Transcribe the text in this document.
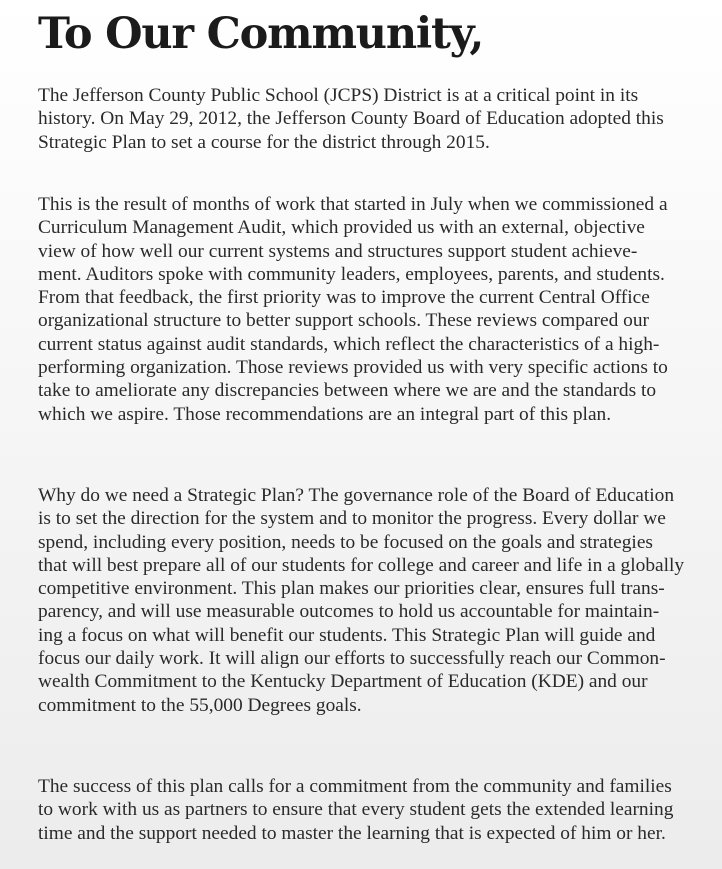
To Our Community,

The Jefferson County Public School (JCPS) District is at a critical point in its
history. On May 29, 2012, the Jefferson County Board of Education adopted this
Strategic Plan to set a course for the district through 2015.

This is the result of months of work that started in July when we commissioned a
Curriculum Management Audit, which provided us with an external, objective
view of how well our current systems and structures support student achieve-
ment. Auditors spoke with community leaders, employees, parents, and students.
From that feedback, the first priority was to improve the current Central Office
organizational structure to better support schools. These reviews compared our
current status against audit standards, which reflect the characteristics of a high-
performing organization. Those reviews provided us with very specific actions to
take to ameliorate any discrepancies between where we are and the standards to
which we aspire. Those recommendations are an integral part of this plan.

Why do we need a Strategic Plan? The governance role of the Board of Education
is to set the direction for the system and to monitor the progress. Every dollar we
spend, including every position, needs to be focused on the goals and strategies
that will best prepare all of our students for college and career and life in a globally
competitive environment. This plan makes our priorities clear, ensures full trans-
parency, and will use measurable outcomes to hold us accountable for maintain-
ing a focus on what will benefit our students. This Strategic Plan will guide and
focus our daily work. It will align our efforts to successfully reach our Common-
wealth Commitment to the Kentucky Department of Education (KDE) and our
commitment to the 55,000 Degrees goals.

The success of this plan calls for a commitment from the community and families
to work with us as partners to ensure that every student gets the extended learning
time and the support needed to master the learning that is expected of him or her.
